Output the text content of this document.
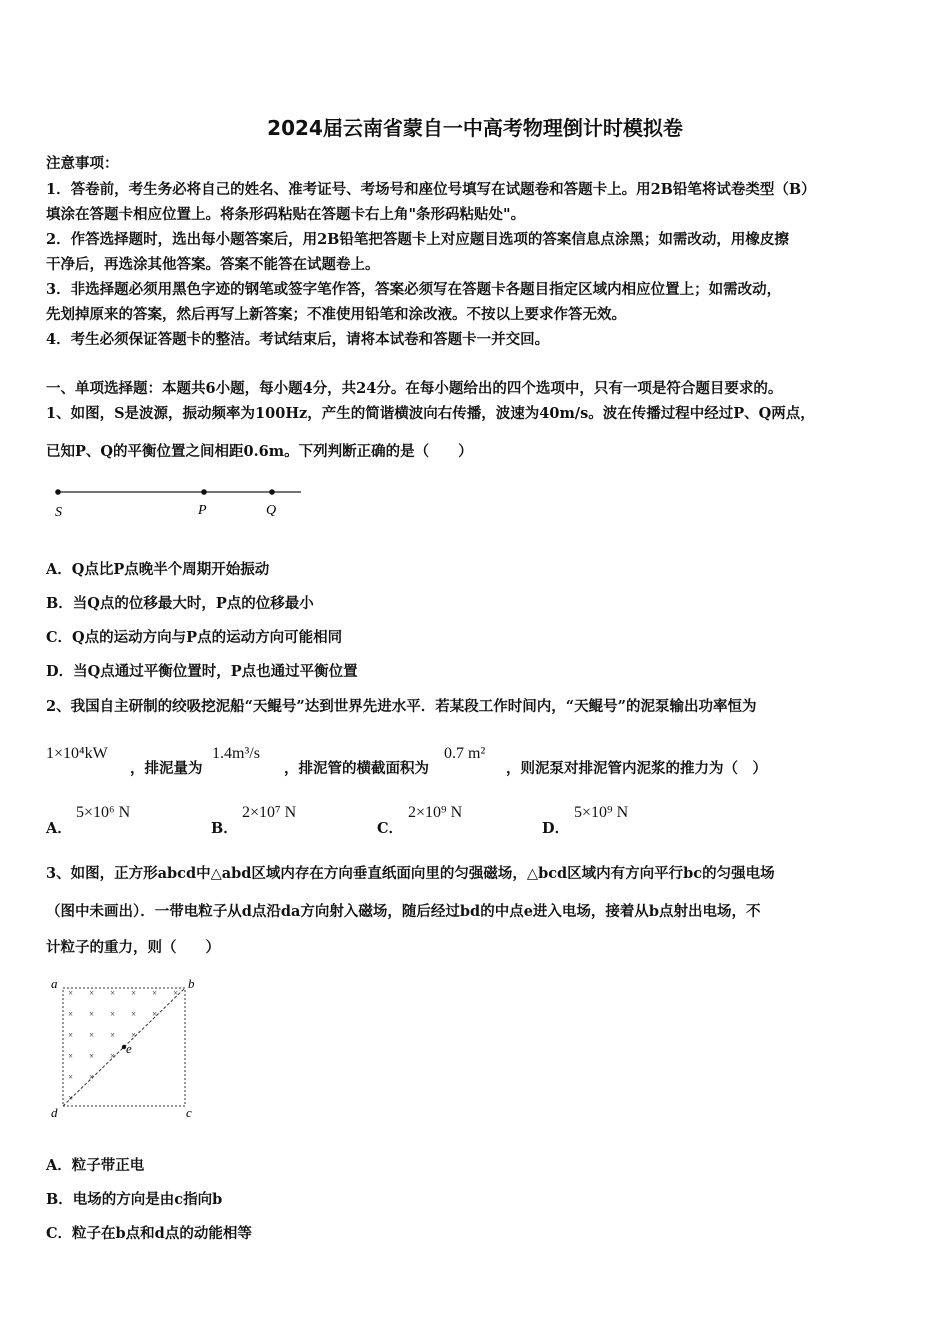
2024届云南省蒙自一中高考物理倒计时模拟卷
注意事项：
1．答卷前，考生务必将自己的姓名、准考证号、考场号和座位号填写在试题卷和答题卡上。用2B铅笔将试卷类型（B）
填涂在答题卡相应位置上。将条形码粘贴在答题卡右上角"条形码粘贴处"。
2．作答选择题时，选出每小题答案后，用2B铅笔把答题卡上对应题目选项的答案信息点涂黑；如需改动，用橡皮擦
干净后，再选涂其他答案。答案不能答在试题卷上。
3．非选择题必须用黑色字迹的钢笔或签字笔作答，答案必须写在答题卡各题目指定区域内相应位置上；如需改动，
先划掉原来的答案，然后再写上新答案；不准使用铅笔和涂改液。不按以上要求作答无效。
4．考生必须保证答题卡的整洁。考试结束后，请将本试卷和答题卡一并交回。
一、单项选择题：本题共6小题，每小题4分，共24分。在每小题给出的四个选项中，只有一项是符合题目要求的。
1、如图，S是波源，振动频率为100Hz，产生的简谐横波向右传播，波速为40m/s。波在传播过程中经过P、Q两点，
已知P、Q的平衡位置之间相距0.6m。下列判断正确的是（　　）
S	P	Q
A．Q点比P点晚半个周期开始振动
B．当Q点的位移最大时，P点的位移最小
C．Q点的运动方向与P点的运动方向可能相同
D．当Q点通过平衡位置时，P点也通过平衡位置
2、我国自主研制的绞吸挖泥船“天鲲号”达到世界先进水平．若某段工作时间内，“天鲲号”的泥泵输出功率恒为
1×10⁴kW
，排泥量为
1.4m³/s
，排泥管的横截面积为
0.7 m²
，则泥泵对排泥管内泥浆的推力为（　）
A．
5×10⁶ N
B．
2×10⁷ N
C．
2×10⁹ N
D．
5×10⁹ N
3、如图，正方形abcd中△abd区域内存在方向垂直纸面向里的匀强磁场，△bcd区域内有方向平行bc的匀强电场
（图中未画出）．一带电粒子从d点沿da方向射入磁场，随后经过bd的中点e进入电场，接着从b点射出电场，不
计粒子的重力，则（　　）
× × × × × ×
× × × × ×
× × × ×
× × ×
× ×
×
a	b
c
d
e
A．粒子带正电
B．电场的方向是由c指向b
C．粒子在b点和d点的动能相等
